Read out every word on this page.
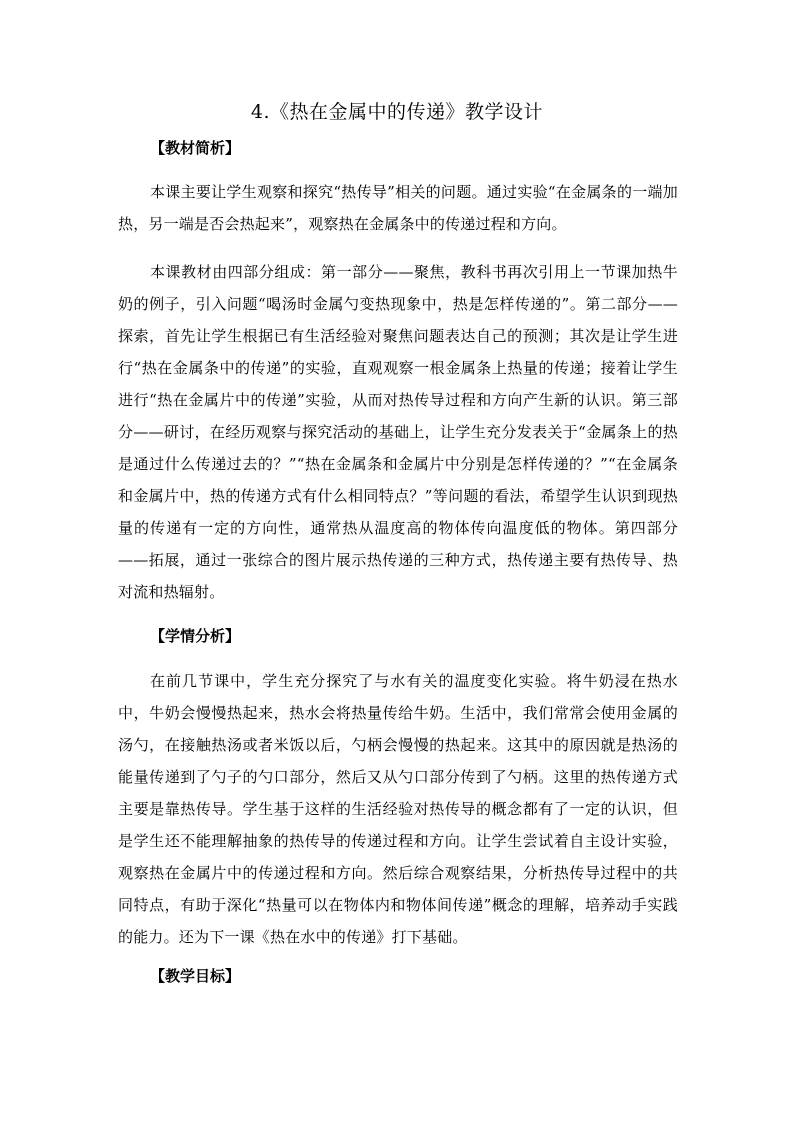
4.《热在金属中的传递》教学设计
【教材简析】
本课主要让学生观察和探究“热传导”相关的问题。通过实验“在金属条的一端加热，另一端是否会热起来”，观察热在金属条中的传递过程和方向。
本课教材由四部分组成：第一部分——聚焦，教科书再次引用上一节课加热牛奶的例子，引入问题“喝汤时金属勺变热现象中，热是怎样传递的”。第二部分——探索，首先让学生根据已有生活经验对聚焦问题表达自己的预测；其次是让学生进行“热在金属条中的传递”的实验，直观观察一根金属条上热量的传递；接着让学生进行“热在金属片中的传递”实验，从而对热传导过程和方向产生新的认识。第三部分——研讨，在经历观察与探究活动的基础上，让学生充分发表关于“金属条上的热是通过什么传递过去的？”“热在金属条和金属片中分别是怎样传递的？”“在金属条和金属片中，热的传递方式有什么相同特点？”等问题的看法，希望学生认识到现热量的传递有一定的方向性，通常热从温度高的物体传向温度低的物体。第四部分——拓展，通过一张综合的图片展示热传递的三种方式，热传递主要有热传导、热对流和热辐射。
【学情分析】
在前几节课中，学生充分探究了与水有关的温度变化实验。将牛奶浸在热水中，牛奶会慢慢热起来，热水会将热量传给牛奶。生活中，我们常常会使用金属的汤勺，在接触热汤或者米饭以后，勺柄会慢慢的热起来。这其中的原因就是热汤的能量传递到了勺子的勺口部分，然后又从勺口部分传到了勺柄。这里的热传递方式主要是靠热传导。学生基于这样的生活经验对热传导的概念都有了一定的认识，但是学生还不能理解抽象的热传导的传递过程和方向。让学生尝试着自主设计实验，观察热在金属片中的传递过程和方向。然后综合观察结果，分析热传导过程中的共同特点，有助于深化“热量可以在物体内和物体间传递”概念的理解，培养动手实践的能力。还为下一课《热在水中的传递》打下基础。
【教学目标】
